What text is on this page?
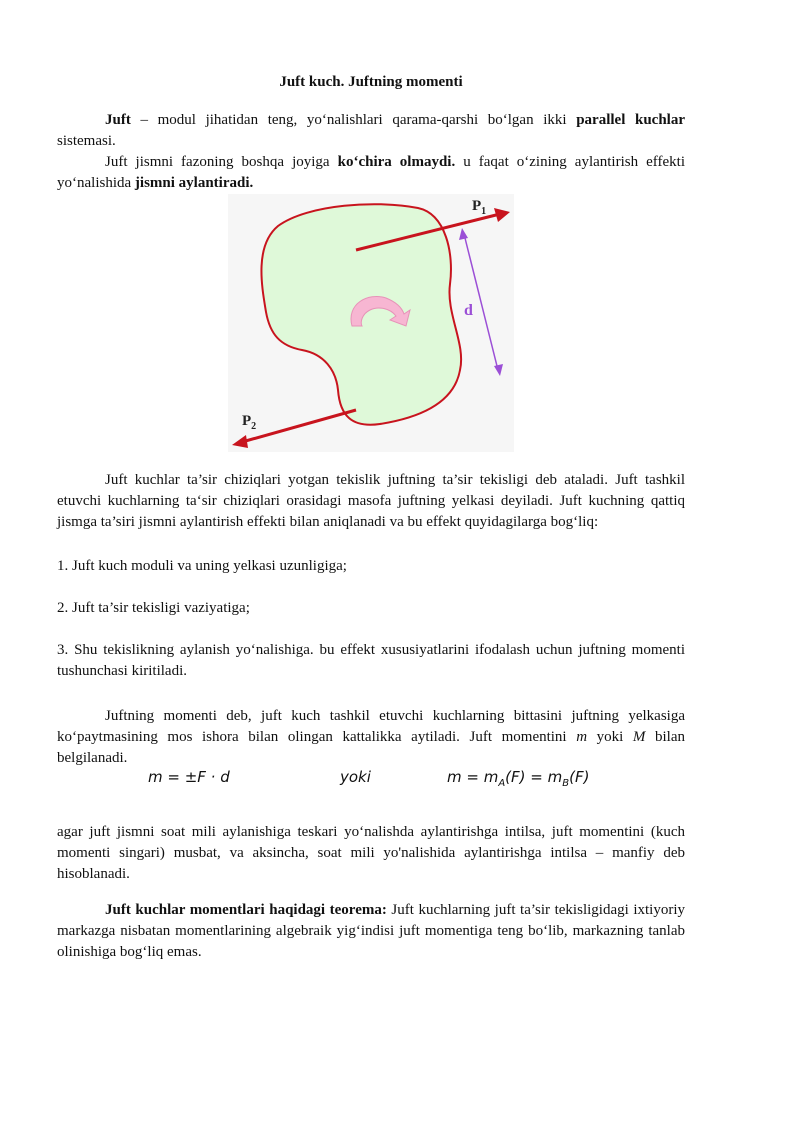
Juft kuch. Juftning momenti

Juft – modul jihatidan teng, yoʻnalishlari qarama-qarshi boʻlgan ikki parallel kuchlar sistemasi.

Juft jismni fazoning boshqa joyiga koʻchira olmaydi. u faqat oʻzining aylantirish effekti yoʻnalishida jismni aylantiradi.

$P_1$
$P_2$
d

Juft kuchlar ta’sir chiziqlari yotgan tekislik juftning ta’sir tekisligi deb ataladi. Juft tashkil etuvchi kuchlarning taʻsir chiziqlari orasidagi masofa juftning yelkasi deyiladi. Juft kuchning qattiq jismga ta’siri jismni aylantirish effekti bilan aniqlanadi va bu effekt quyidagilarga bogʻliq:

1. Juft kuch moduli va uning yelkasi uzunligiga;

2. Juft ta’sir tekisligi vaziyatiga;

3. Shu tekislikning aylanish yoʻnalishiga. bu effekt xususiyatlarini ifodalash uchun juftning momenti tushunchasi kiritiladi.

Juftning momenti deb, juft kuch tashkil etuvchi kuchlarning bittasini juftning yelkasiga koʻpaytmasining mos ishora bilan olingan kattalikka aytiladi. Juft momentini m yoki M bilan belgilanadi.

m = ±F · d	yoki	$m = m_A(F) = m_B(F)$

agar juft jismni soat mili aylanishiga teskari yoʻnalishda aylantirishga intilsa, juft momentini (kuch momenti singari) musbat, va aksincha, soat mili yo'nalishida aylantirishga intilsa – manfiy deb hisoblanadi.

Juft kuchlar momentlari haqidagi teorema: Juft kuchlarning juft ta’sir tekisligidagi ixtiyoriy markazga nisbatan momentlarining algebraik yigʻindisi juft momentiga teng boʻlib, markazning tanlab olinishiga bogʻliq emas.
